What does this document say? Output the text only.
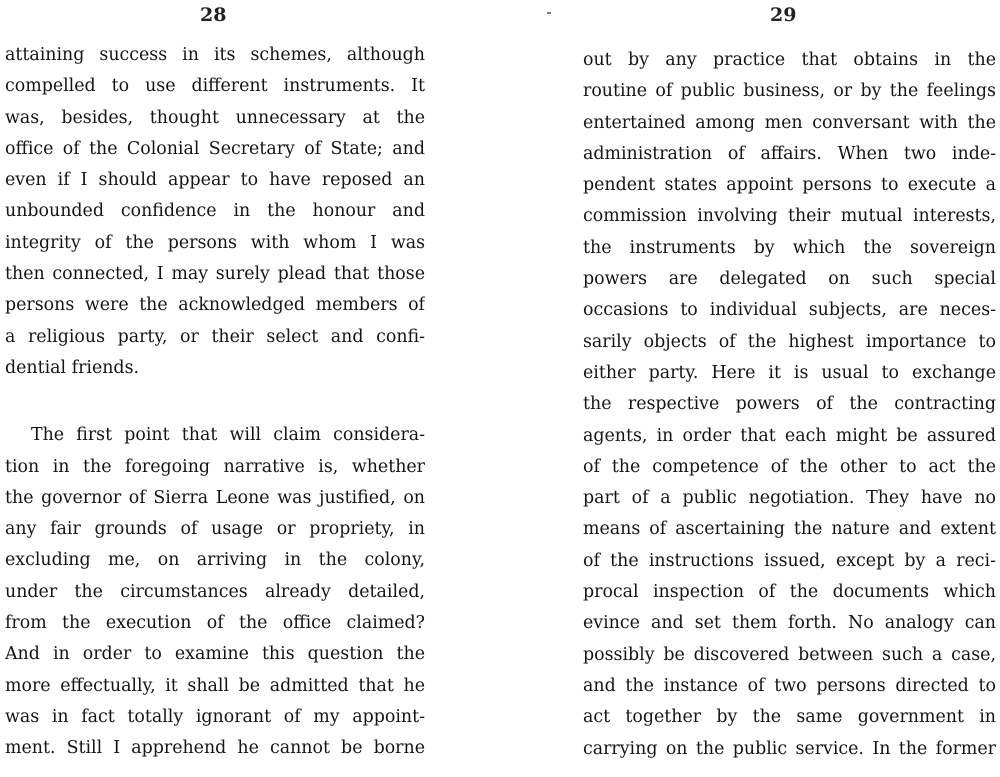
28
attaining success in its schemes, although
compelled to use different instruments. It
was, besides, thought unnecessary at the
office of the Colonial Secretary of State; and
even if I should appear to have reposed an
unbounded confidence in the honour and
integrity of the persons with whom I was
then connected, I may surely plead that those
persons were the acknowledged members of
a religious party, or their select and confi-
dential friends.
The first point that will claim considera-
tion in the foregoing narrative is, whether
the governor of Sierra Leone was justified, on
any fair grounds of usage or propriety, in
excluding me, on arriving in the colony,
under the circumstances already detailed,
from the execution of the office claimed?
And in order to examine this question the
more effectually, it shall be admitted that he
was in fact totally ignorant of my appoint-
ment. Still I apprehend he cannot be borne
29
out by any practice that obtains in the
routine of public business, or by the feelings
entertained among men conversant with the
administration of affairs. When two inde-
pendent states appoint persons to execute a
commission involving their mutual interests,
the instruments by which the sovereign
powers are delegated on such special
occasions to individual subjects, are neces-
sarily objects of the highest importance to
either party. Here it is usual to exchange
the respective powers of the contracting
agents, in order that each might be assured
of the competence of the other to act the
part of a public negotiation. They have no
means of ascertaining the nature and extent
of the instructions issued, except by a reci-
procal inspection of the documents which
evince and set them forth. No analogy can
possibly be discovered between such a case,
and the instance of two persons directed to
act together by the same government in
carrying on the public service. In the former
